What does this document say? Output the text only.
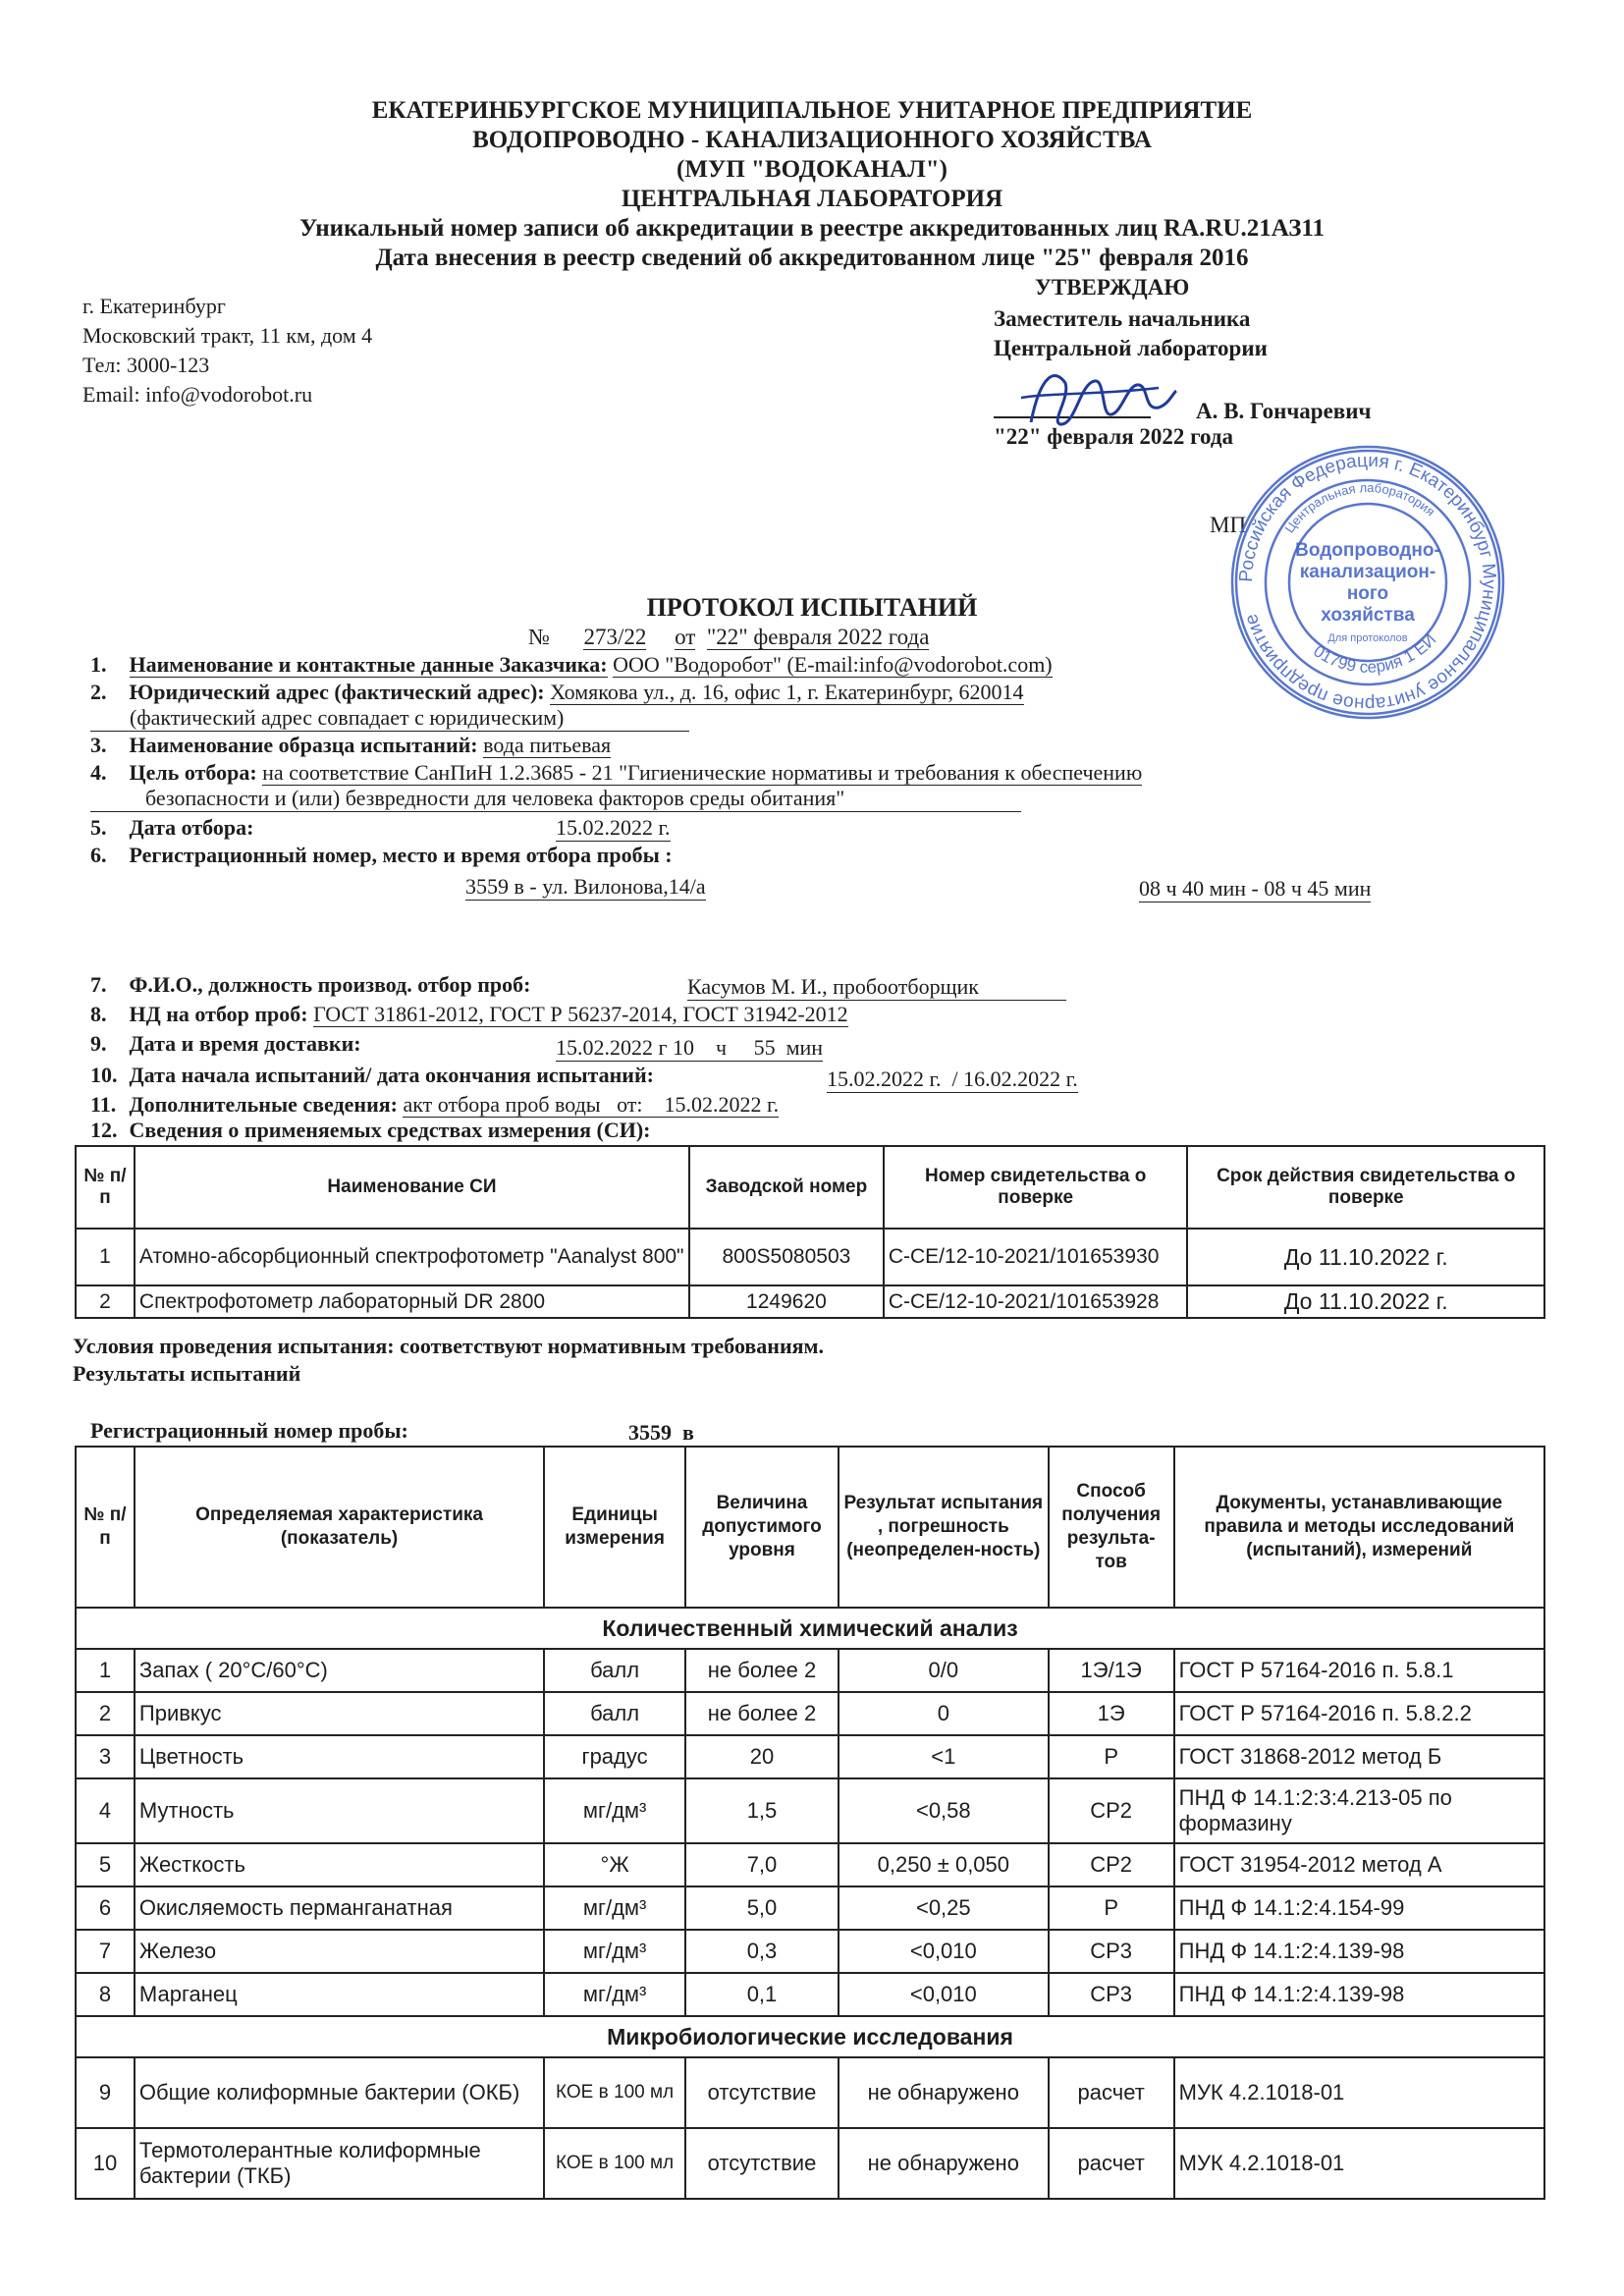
ЕКАТЕРИНБУРГСКОЕ МУНИЦИПАЛЬНОЕ УНИТАРНОЕ ПРЕДПРИЯТИЕ
ВОДОПРОВОДНО - КАНАЛИЗАЦИОННОГО ХОЗЯЙСТВА
(МУП "ВОДОКАНАЛ")
ЦЕНТРАЛЬНАЯ ЛАБОРАТОРИЯ
Уникальный номер записи об аккредитации в реестре аккредитованных лиц RA.RU.21АЗ11
Дата внесения в реестр сведений об аккредитованном лице "25" февраля 2016
г. Екатеринбург
Московский тракт, 11 км, дом 4
Тел: 3000-123
Email: info@vodorobot.ru
УТВЕРЖДАЮ
Заместитель начальника
Центральной лаборатории
А. В. Гончаревич
"22" февраля 2022 года
МП
Российская Федерация г. Екатеринбург Муниципальное унитарное предприятие
Центральная лаборатория
Водопроводно-
канализацион-
ного
хозяйства
Для протоколов
01799 серия 1 ЕИ
ПРОТОКОЛ ИСПЫТАНИЙ
№ 273/22 от "22" февраля 2022 года
1. Наименование и контактные данные Заказчика: ООО "Водоробот" (E-mail:info@vodorobot.com)
2. Юридический адрес (фактический адрес): Хомякова ул., д. 16, офис 1, г. Екатеринбург, 620014
(фактический адрес совпадает с юридическим)
3. Наименование образца испытаний: вода питьевая
4. Цель отбора: на соответствие СанПиН 1.2.3685 - 21 "Гигиенические нормативы и требования к обеспечению
безопасности и (или) безвредности для человека факторов среды обитания"
5. Дата отбора:	15.02.2022 г.
6. Регистрационный номер, место и время отбора пробы :
3559 в - ул. Вилонова,14/а	08 ч 40 мин - 08 ч 45 мин
7. Ф.И.О., должность производ. отбор проб:	Касумов М. И., пробоотборщик
8. НД на отбор проб: ГОСТ 31861-2012, ГОСТ Р 56237-2014, ГОСТ 31942-2012
9. Дата и время доставки:	15.02.2022 г 10    ч     55  мин
10. Дата начала испытаний/ дата окончания испытаний:	15.02.2022 г.  / 16.02.2022 г.
11. Дополнительные сведения: акт отбора проб воды   от:    15.02.2022 г.
12. Сведения о применяемых средствах измерения (СИ):
№ п/п	Наименование СИ	Заводской номер	Номер свидетельства о поверке	Срок действия свидетельства о поверке
1	Атомно-абсорбционный спектрофотометр "Aanalyst 800"	800S5080503	С-СЕ/12-10-2021/101653930	До 11.10.2022 г.
2	Спектрофотометр лабораторный DR 2800	1249620	С-СЕ/12-10-2021/101653928	До 11.10.2022 г.
Условия проведения испытания: соответствуют нормативным требованиям.
Результаты испытаний
Регистрационный номер пробы:	3559  в
№ п/п	Определяемая характеристика (показатель)	Единицы измерения	Величина допустимого уровня	Результат испытания , погрешность (неопределен-ность)	Способ получения результа-тов	Документы, устанавливающие правила и методы исследований (испытаний), измерений
Количественный химический анализ						
1	Запах ( 20°С/60°С)	балл	не более 2	0/0	1Э/1Э	ГОСТ Р 57164-2016 п. 5.8.1
2	Привкус	балл	не более 2	0	1Э	ГОСТ Р 57164-2016 п. 5.8.2.2
3	Цветность	градус	20	<1	Р	ГОСТ 31868-2012 метод Б
4	Мутность	мг/дм³	1,5	<0,58	СР2	ПНД Ф 14.1:2:3:4.213-05 по формазину
5	Жесткость	°Ж	7,0	0,250 ± 0,050	СР2	ГОСТ 31954-2012 метод А
6	Окисляемость перманганатная	мг/дм³	5,0	<0,25	Р	ПНД Ф 14.1:2:4.154-99
7	Железо	мг/дм³	0,3	<0,010	СР3	ПНД Ф 14.1:2:4.139-98
8	Марганец	мг/дм³	0,1	<0,010	СР3	ПНД Ф 14.1:2:4.139-98
Микробиологические исследования						
9	Общие колиформные бактерии (ОКБ)	КОЕ в 100 мл	отсутствие	не обнаружено	расчет	МУК 4.2.1018-01
10	Термотолерантные колиформные бактерии (ТКБ)	КОЕ в 100 мл	отсутствие	не обнаружено	расчет	МУК 4.2.1018-01
